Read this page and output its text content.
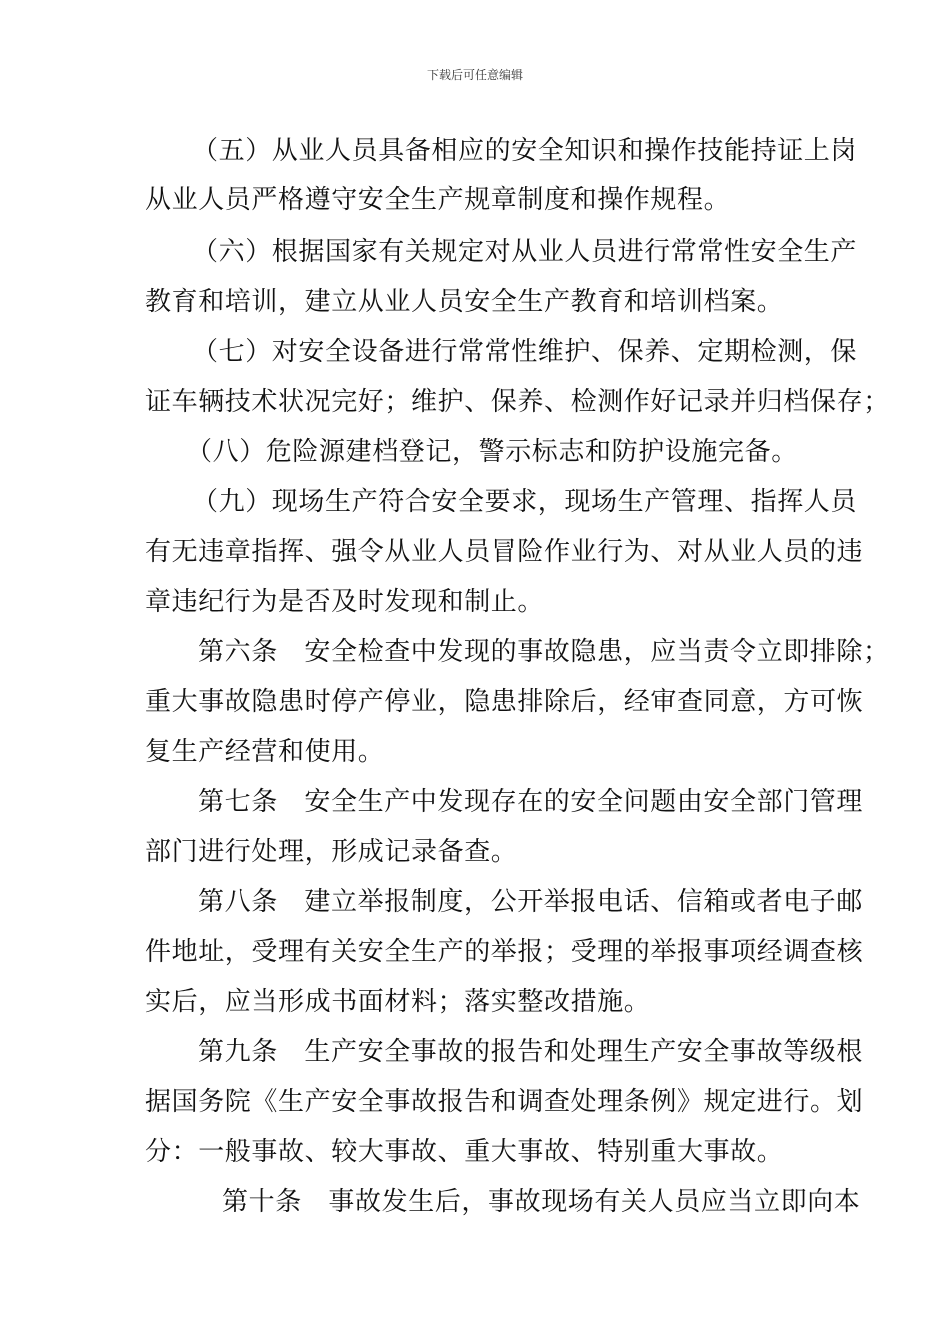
下载后可任意编辑
（五）从业人员具备相应的安全知识和操作技能持证上岗
从业人员严格遵守安全生产规章制度和操作规程。
（六）根据国家有关规定对从业人员进行常常性安全生产
教育和培训，建立从业人员安全生产教育和培训档案。
（七）对安全设备进行常常性维护、保养、定期检测，保
证车辆技术状况完好；维护、保养、检测作好记录并归档保存；
（八）危险源建档登记，警示标志和防护设施完备。
（九）现场生产符合安全要求，现场生产管理、指挥人员
有无违章指挥、强令从业人员冒险作业行为、对从业人员的违
章违纪行为是否及时发现和制止。
第六条　安全检查中发现的事故隐患，应当责令立即排除；
重大事故隐患时停产停业，隐患排除后，经审查同意，方可恢
复生产经营和使用。
第七条　安全生产中发现存在的安全问题由安全部门管理
部门进行处理，形成记录备查。
第八条　建立举报制度，公开举报电话、信箱或者电子邮
件地址，受理有关安全生产的举报；受理的举报事项经调查核
实后，应当形成书面材料；落实整改措施。
第九条　生产安全事故的报告和处理生产安全事故等级根
据国务院《生产安全事故报告和调查处理条例》规定进行。划
分：一般事故、较大事故、重大事故、特别重大事故。
第十条　事故发生后，事故现场有关人员应当立即向本
